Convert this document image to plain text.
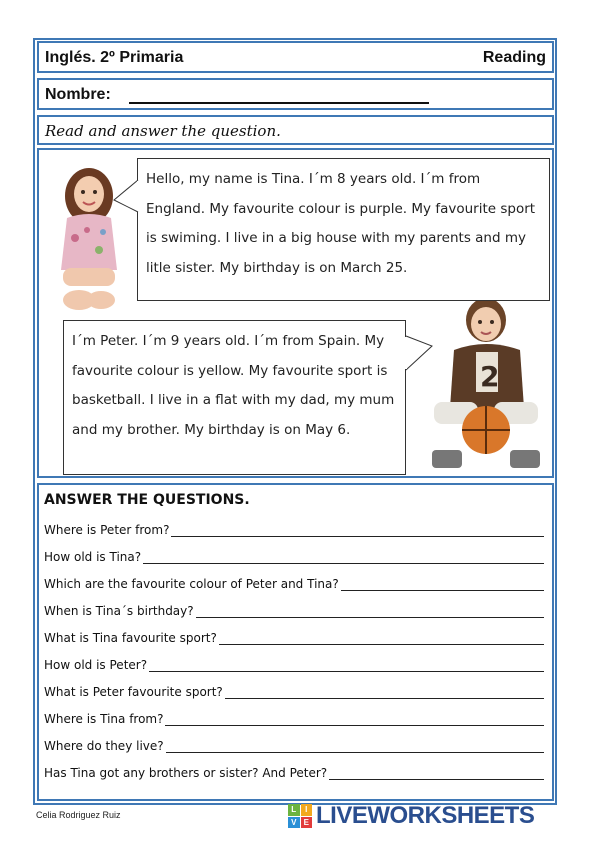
Inglés. 2º Primaria	Reading
Nombre:
Read and answer the question.
2
Hello, my name is Tina. I´m 8 years old. I´m from England. My favourite colour is purple. My favourite sport is swiming. I live in a big house with my parents and my litle sister. My birthday is on March 25.
I´m Peter. I´m 9 years old. I´m from Spain. My favourite colour is yellow. My favourite sport is basketball. I live in a flat with my dad, my mum and my brother. My birthday is on May 6.
ANSWER THE QUESTIONS.
Where is Peter from?
How old is Tina?
Which are the favourite colour of Peter and Tina?
When is Tina´s birthday?
What is Tina favourite sport?
How old is Peter?
What is Peter favourite sport?
Where is Tina from?
Where do they live?
Has Tina got any brothers or sister? And Peter?
Celia Rodriguez Ruiz
L	I
V E LIVEWORKSHEETS
